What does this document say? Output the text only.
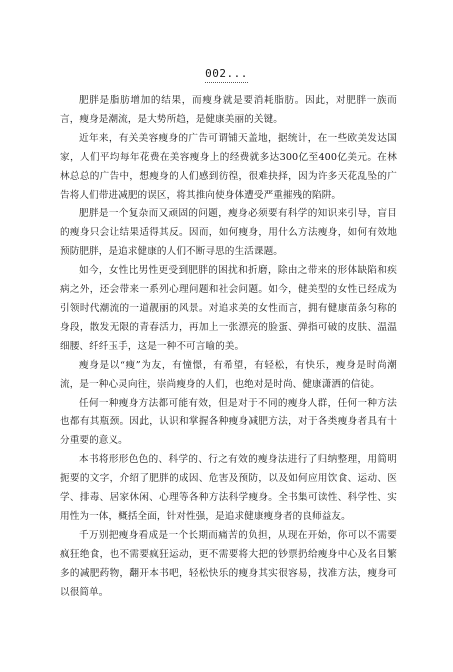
002...

肥胖是脂肪增加的结果，而瘦身就是要消耗脂肪。因此，对肥胖一族而言，瘦身是潮流，是大势所趋，是健康美丽的关键。

近年来，有关美容瘦身的广告可谓铺天盖地，据统计，在一些欧美发达国家，人们平均每年花费在美容瘦身上的经费就多达300亿至400亿美元。在林林总总的广告中，想瘦身的人们感到彷徨，很难抉择，因为许多天花乱坠的广告将人们带进减肥的误区，将其推向使身体遭受严重摧残的陷阱。

肥胖是一个复杂而又顽固的问题，瘦身必须要有科学的知识来引导，盲目的瘦身只会让结果适得其反。因而，如何瘦身，用什么方法瘦身，如何有效地预防肥胖，是追求健康的人们不断寻思的生活课题。

如今，女性比男性更受到肥胖的困扰和折磨，除由之带来的形体缺陷和疾病之外，还会带来一系列心理问题和社会问题。如今，健美型的女性已经成为引领时代潮流的一道靓丽的风景。对追求美的女性而言，拥有健康苗条匀称的身段，散发无限的青春活力，再加上一张漂亮的脸蛋、弹指可破的皮肤、温温细腰、纤纤玉手，这是一种不可言喻的美。

瘦身是以“瘦”为友，有憧憬，有希望，有轻松，有快乐，瘦身是时尚潮流，是一种心灵向往，崇尚瘦身的人们，也绝对是时尚、健康潇洒的信徒。

任何一种瘦身方法都可能有效，但是对于不同的瘦身人群，任何一种方法也都有其瓶颈。因此，认识和掌握各种瘦身减肥方法，对于各类瘦身者具有十分重要的意义。

本书将形形色色的、科学的、行之有效的瘦身法进行了归纳整理，用简明扼要的文字，介绍了肥胖的成因、危害及预防，以及如何应用饮食、运动、医学、排毒、居家休闲、心理等各种方法科学瘦身。全书集可读性、科学性、实用性为一体，概括全面，针对性强，是追求健康瘦身者的良师益友。

千万别把瘦身看成是一个长期而痛苦的负担，从现在开始，你可以不需要疯狂绝食，也不需要疯狂运动，更不需要将大把的钞票扔给瘦身中心及名目繁多的减肥药物，翻开本书吧，轻松快乐的瘦身其实很容易，找准方法，瘦身可以很简单。
